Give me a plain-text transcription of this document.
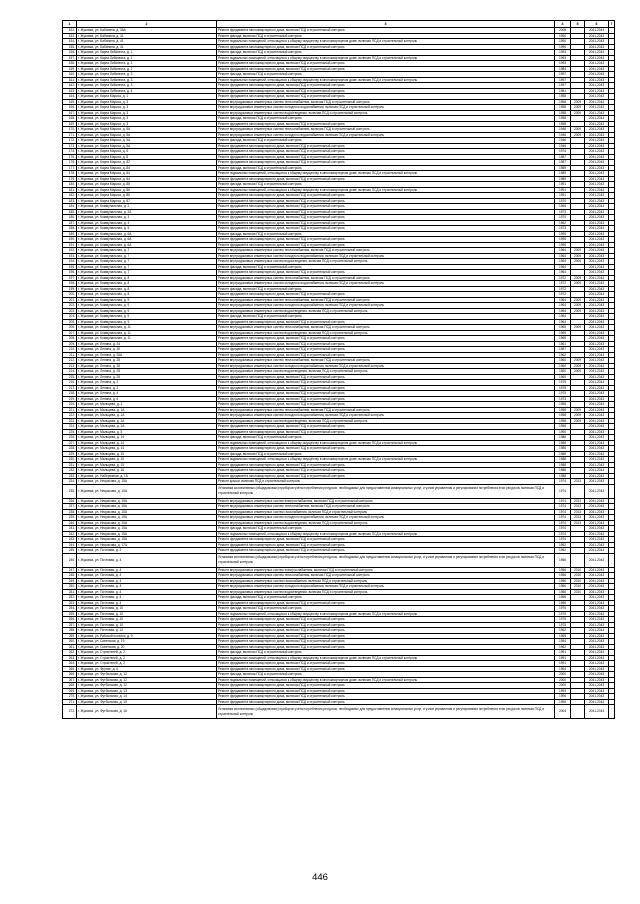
1	2	3	4	5	6	7
152.	г. Жуковка, ул. Бабинина, д. 38А	Ремонт фундамента многоквартирного дома, включая ПСД и строительный контроль	2008		2041-2043	
153.	г. Жуковка, ул. Бабинина, д. 41	Ремонт фасада, включая ПСД и строительный контроль	1990		2041-2043	
154.	г. Жуковка, ул. Бабинина, д. 41	Ремонт подвальных помещений, относящихся к общему имуществу в многоквартирном доме, включая ПСД и строительный контроль	1990		2041-2043	
155.	г. Жуковка, ул. Бабинина, д. 41	Ремонт фундамента многоквартирного дома, включая ПСД и строительный контроль	1990		2041-2043	
156.	г. Жуковка, ул. Карла Либкнехта, д. 1	Ремонт фасада, включая ПСД и строительный контроль	1993		2041-2043	
157.	г. Жуковка, ул. Карла Либкнехта, д. 1	Ремонт подвальных помещений, относящихся к общему имуществу в многоквартирном доме, включая ПСД и строительный контроль	1993		2041-2043	
158.	г. Жуковка, ул. Карла Либкнехта, д. 1	Ремонт фундамента многоквартирного дома, включая ПСД и строительный контроль	1993		2041-2043	
159.	г. Жуковка, ул. Карла Либкнехта, д. 2	Ремонт фундамента многоквартирного дома, включая ПСД и строительный контроль	1984		2041-2043	
160.	г. Жуковка, ул. Карла Либкнехта, д. 3	Ремонт фасада, включая ПСД и строительный контроль	1997		2041-2043	
161.	г. Жуковка, ул. Карла Либкнехта, д. 3	Ремонт подвальных помещений, относящихся к общему имуществу в многоквартирном доме, включая ПСД и строительный контроль	1997		2041-2043	
162.	г. Жуковка, ул. Карла Либкнехта, д. 3	Ремонт фундамента многоквартирного дома, включая ПСД и строительный контроль	1997		2041-2043	
163.	г. Жуковка, ул. Карла Либкнехта, д. 4	Ремонт фундамента многоквартирного дома, включая ПСД и строительный контроль	1981		2041-2043	
164.	г. Жуковка, ул. Карла Маркса, д. 1	Ремонт фундамента многоквартирного дома, включая ПСД и строительный контроль	1958		2041-2043	
165.	г. Жуковка, ул. Карла Маркса, д. 3	Ремонт внутридомовых инженерных систем теплоснабжения, включая ПСД и строительный контроль	1958	2009	2041-2043	
166.	г. Жуковка, ул. Карла Маркса, д. 3	Ремонт внутридомовых инженерных систем холодного водоснабжения, включая ПСД и строительный контроль	1958	2009	2041-2043	
167.	г. Жуковка, ул. Карла Маркса, д. 3	Ремонт внутридомовых инженерных систем водоотведения, включая ПСД и строительный контроль	1958	2009	2041-2043	
168.	г. Жуковка, ул. Карла Маркса, д. 3	Ремонт фасада, включая ПСД и строительный контроль	1958		2041-2043	
169.	г. Жуковка, ул. Карла Маркса, д. 3	Ремонт фундамента многоквартирного дома, включая ПСД и строительный контроль	1958		2041-2043	
170.	г. Жуковка, ул. Карла Маркса, д. 5А	Ремонт внутридомовых инженерных систем теплоснабжения, включая ПСД и строительный контроль	1946	2009	2041-2043	
171.	г. Жуковка, ул. Карла Маркса, д. 5А	Ремонт внутридомовых инженерных систем холодного водоснабжения, включая ПСД и строительный контроль	1946	2009	2041-2043	
172.	г. Жуковка, ул. Карла Маркса, д. 5А	Ремонт фасада, включая ПСД и строительный контроль	1946		2041-2043	
173.	г. Жуковка, ул. Карла Маркса, д. 5А	Ремонт фундамента многоквартирного дома, включая ПСД и строительный контроль	1946		2041-2043	
174.	г. Жуковка, ул. Карла Маркса, д. 6	Ремонт фундамента многоквартирного дома, включая ПСД и строительный контроль	1974		2041-2043	
175.	г. Жуковка, ул. Карла Маркса, д. 8	Ремонт фундамента многоквартирного дома, включая ПСД и строительный контроль	1987		2041-2043	
176.	г. Жуковка, ул. Карла Маркса, д. 82	Ремонт фундамента многоквартирного дома, включая ПСД и строительный контроль	1987		2041-2043	
177.	г. Жуковка, ул. Карла Маркса, д. 84	Ремонт фасада, включая ПСД и строительный контроль	1989		2041-2043	
178.	г. Жуковка, ул. Карла Маркса, д. 84	Ремонт подвальных помещений, относящихся к общему имуществу в многоквартирном доме, включая ПСД и строительный контроль	1989		2041-2043	
179.	г. Жуковка, ул. Карла Маркса, д. 84	Ремонт фундамента многоквартирного дома, включая ПСД и строительный контроль	1989		2041-2043	
180.	г. Жуковка, ул. Карла Маркса, д. 86	Ремонт фасада, включая ПСД и строительный контроль	1991		2041-2043	
181.	г. Жуковка, ул. Карла Маркса, д. 86	Ремонт подвальных помещений, относящихся к общему имуществу в многоквартирном доме, включая ПСД и строительный контроль	1991		2041-2043	
182.	г. Жуковка, ул. Карла Маркса, д. 86	Ремонт фундамента многоквартирного дома, включая ПСД и строительный контроль	1991		2041-2043	
183.	г. Жуковка, ул. Карла Маркса, д. 87	Ремонт фундамента многоквартирного дома, включая ПСД и строительный контроль	1970		2041-2043	
184.	г. Жуковка, ул. Коммунальная, д. 2	Ремонт фундамента многоквартирного дома, включая ПСД и строительный контроль	1965		2041-2043	
185.	г. Жуковка, ул. Коммунальная, д. 2А	Ремонт фундамента многоквартирного дома, включая ПСД и строительный контроль	1973		2041-2043	
186.	г. Жуковка, ул. Коммунальная, д. 3	Ремонт фундамента многоквартирного дома, включая ПСД и строительный контроль	1970		2041-2043	
187.	г. Жуковка, ул. Коммунальная, д. 4	Ремонт фундамента многоквартирного дома, включая ПСД и строительный контроль	1962		2041-2043	
188.	г. Жуковка, ул. Коммунальная, д. 5	Ремонт фундамента многоквартирного дома, включая ПСД и строительный контроль	1973		2041-2043	
189.	г. Жуковка, ул. Коммунальная, д. 6А	Ремонт фасада, включая ПСД и строительный контроль	1995		2041-2043	
190.	г. Жуковка, ул. Коммунальная, д. 6А	Ремонт фундамента многоквартирного дома, включая ПСД и строительный контроль	1995		2041-2043	
191.	г. Жуковка, ул. Коммунальная, д. 6А	Ремонт фундамента многоквартирного дома, включая ПСД и строительный контроль	1995		2041-2043	
192.	г. Жуковка, ул. Коммунальная, д. 7	Ремонт внутридомовых инженерных систем теплоснабжения, включая ПСД и строительный контроль	1964	2009	2041-2043	
193.	г. Жуковка, ул. Коммунальная, д. 7	Ремонт внутридомовых инженерных систем холодного водоснабжения, включая ПСД и строительный контроль	1964	2009	2041-2043	
194.	г. Жуковка, ул. Коммунальная, д. 7	Ремонт внутридомовых инженерных систем водоотведения, включая ПСД и строительный контроль	1964	2009	2041-2043	
195.	г. Жуковка, ул. Коммунальная, д. 7	Ремонт фасада, включая ПСД и строительный контроль	1964		2041-2043	
196.	г. Жуковка, ул. Коммунальная, д. 7	Ремонт фундамента многоквартирного дома, включая ПСД и строительный контроль	1964		2041-2043	
197.	г. Жуковка, ул. Коммунальная, д. 8	Ремонт внутридомовых инженерных систем теплоснабжения, включая ПСД и строительный контроль	1972	2009	2041-2043	
198.	г. Жуковка, ул. Коммунальная, д. 8	Ремонт внутридомовых инженерных систем холодного водоснабжения, включая ПСД и строительный контроль	1972	2009	2041-2043	
199.	г. Жуковка, ул. Коммунальная, д. 8	Ремонт фасада, включая ПСД и строительный контроль	1972		2041-2043	
200.	г. Жуковка, ул. Коммунальная, д. 8	Ремонт фундамента многоквартирного дома, включая ПСД и строительный контроль	1972		2041-2043	
201.	г. Жуковка, ул. Коммунальная, д. 9	Ремонт внутридомовых инженерных систем теплоснабжения, включая ПСД и строительный контроль	1964	2009	2041-2043	
202.	г. Жуковка, ул. Коммунальная, д. 9	Ремонт внутридомовых инженерных систем холодного водоснабжения, включая ПСД и строительный контроль	1964	2009	2041-2043	
203.	г. Жуковка, ул. Коммунальная, д. 9	Ремонт внутридомовых инженерных систем водоотведения, включая ПСД и строительный контроль	1964	2009	2041-2043	
204.	г. Жуковка, ул. Коммунальная, д. 9	Ремонт фасада, включая ПСД и строительный контроль	1964		2041-2043	
205.	г. Жуковка, ул. Коммунальная, д. 9	Ремонт фундамента многоквартирного дома, включая ПСД и строительный контроль	1964		2041-2043	
206.	г. Жуковка, ул. Коммунальная, д. 11	Ремонт внутридомовых инженерных систем теплоснабжения, включая ПСД и строительный контроль	1965	2009	2041-2043	
207.	г. Жуковка, ул. Коммунальная, д. 11	Ремонт внутридомовых инженерных систем водоотведения, включая ПСД и строительный контроль	1965		2041-2043	
208.	г. Жуковка, ул. Коммунальная, д. 11	Ремонт фундамента многоквартирного дома, включая ПСД и строительный контроль	1965		2041-2043	
209.	г. Жуковка, ул. Ленина, д. 24	Ремонт фундамента многоквартирного дома, включая ПСД и строительный контроль	1961		2041-2043	
210.	г. Жуковка, ул. Ленина, д. 26	Ремонт фундамента многоквартирного дома, включая ПСД и строительный контроль	1957		2041-2043	
211.	г. Жуковка, ул. Ленина, д. 26А	Ремонт фундамента многоквартирного дома, включая ПСД и строительный контроль	1962		2041-2043	
212.	г. Жуковка, ул. Ленина, д. 28	Ремонт внутридомовых инженерных систем теплоснабжения, включая ПСД и строительный контроль	1960	2009	2041-2043	
213.	г. Жуковка, ул. Ленина, д. 28	Ремонт внутридомовых инженерных систем холодного водоснабжения, включая ПСД и строительный контроль	1960	2009	2041-2043	
214.	г. Жуковка, ул. Ленина, д. 28	Ремонт внутридомовых инженерных систем водоотведения, включая ПСД и строительный контроль	1960	2009	2041-2043	
215.	г. Жуковка, ул. Ленина, д. 28	Ремонт фундамента многоквартирного дома, включая ПСД и строительный контроль	1960		2041-2043	
216.	г. Жуковка, ул. Ленина, д. 2	Ремонт фундамента многоквартирного дома, включая ПСД и строительный контроль	1975		2041-2043	
217.	г. Жуковка, ул. Ленина, д. 2	Ремонт фундамента многоквартирного дома, включая ПСД и строительный контроль	1975		2041-2043	
218.	г. Жуковка, ул. Ленина, д. 4	Ремонт фундамента многоквартирного дома, включая ПСД и строительный контроль	1975		2041-2043	
219.	г. Жуковка, ул. Ленина, д. 6	Ремонт фундамента многоквартирного дома, включая ПСД и строительный контроль	1973		2041-2043	
220.	г. Жуковка, ул. Мальцева, д. 1	Ремонт фундамента многоквартирного дома, включая ПСД и строительный контроль	1958		2041-2043	
221.	г. Жуковка, ул. Мальцева, д. 1А	Ремонт внутридомовых инженерных систем теплоснабжения, включая ПСД и строительный контроль	1958	2009	2041-2043	
222.	г. Жуковка, ул. Мальцева, д. 1А	Ремонт внутридомовых инженерных систем холодного водоснабжения, включая ПСД и строительный контроль	1958	2009	2041-2043	
223.	г. Жуковка, ул. Мальцева, д. 1А	Ремонт внутридомовых инженерных систем водоотведения, включая ПСД и строительный контроль	1958	2009	2041-2043	
224.	г. Жуковка, ул. Мальцева, д. 1А	Ремонт фундамента многоквартирного дома, включая ПСД и строительный контроль	1958		2041-2043	
225.	г. Жуковка, ул. Мальцева, д. 5	Ремонт фундамента многоквартирного дома, включая ПСД и строительный контроль	1990		2041-2043	
226.	г. Жуковка, ул. Мальцева, д. 14	Ремонт фасада, включая ПСД и строительный контроль	1986		2041-2043	
227.	г. Жуковка, ул. Мальцева, д. 14	Ремонт подвальных помещений, относящихся к общему имуществу в многоквартирном доме, включая ПСД и строительный контроль	1986		2041-2043	
228.	г. Жуковка, ул. Мальцева, д. 14	Ремонт фундамента многоквартирного дома, включая ПСД и строительный контроль	1986		2041-2043	
229.	г. Жуковка, ул. Мальцева, д. 15	Ремонт фасада, включая ПСД и строительный контроль	1988		2041-2043	
230.	г. Жуковка, ул. Мальцева, д. 15	Ремонт подвальных помещений, относящихся к общему имуществу в многоквартирном доме, включая ПСД и строительный контроль	1988		2041-2043	
231.	г. Жуковка, ул. Мальцева, д. 15	Ремонт фундамента многоквартирного дома, включая ПСД и строительный контроль	1988		2041-2043	
232.	г. Жуковка, ул. Мальцева, д. 16	Ремонт фундамента многоквартирного дома, включая ПСД и строительный контроль	1986		2041-2043	
233.	г. Жуковка, ул. Набережная, д. 15	Ремонт фундамента многоквартирного дома, включая ПСД и строительный контроль	1988		2041-2043	
234.	г. Жуковка, ул. Некрасова, д. 15А	Ремонт крыши, включая ПСД и строительный контроль	1974	2013	2041-2043	
235.	г. Жуковка, ул. Некрасова, д. 15А	Установка коллективных (общедомовых) приборов учета потребления ресурсов, необходимых для предоставления коммунальных услуг, и узлов управления и регулирования потребления этих ресурсов, включая ПСД и строительный контроль	1974		2041-2043	
236.	г. Жуковка, ул. Некрасова, д. 15А	Ремонт внутридомовых инженерных систем электроснабжения, включая ПСД и строительный контроль	1974	2013	2041-2043	
237.	г. Жуковка, ул. Некрасова, д. 15А	Ремонт внутридомовых инженерных систем теплоснабжения, включая ПСД и строительный контроль	1974	2013	2041-2043	
238.	г. Жуковка, ул. Некрасова, д. 15А	Ремонт внутридомовых инженерных систем газоснабжения, включая ПСД и строительный контроль	1974	2013	2041-2043	
239.	г. Жуковка, ул. Некрасова, д. 15А	Ремонт внутридомовых инженерных систем холодного водоснабжения, включая ПСД и строительный контроль	1974	2013	2041-2043	
240.	г. Жуковка, ул. Некрасова, д. 15А	Ремонт внутридомовых инженерных систем водоотведения, включая ПСД и строительный контроль	1974	2013	2041-2043	
241.	г. Жуковка, ул. Некрасова, д. 15А	Ремонт фасада, включая ПСД и строительный контроль	1974		2041-2043	
242.	г. Жуковка, ул. Некрасова, д. 15А	Ремонт подвальных помещений, относящихся к общему имуществу в многоквартирном доме, включая ПСД и строительный контроль	1974		2041-2043	
243.	г. Жуковка, ул. Некрасова, д. 15А	Ремонт фундамента многоквартирного дома, включая ПСД и строительный контроль	1974		2041-2043	
244.	г. Жуковка, ул. Некрасова, д. 17А	Ремонт фундамента многоквартирного дома, включая ПСД и строительный контроль	1962		2041-2043	
245.	г. Жуковка, ул. Почтовая, д. 2	Ремонт фундамента многоквартирного дома, включая ПСД и строительный контроль	1962		2041-2043	
246.	г. Жуковка, ул. Почтовая, д. 4	Установка коллективных (общедомовых) приборов учета потребления ресурсов, необходимых для предоставления коммунальных услуг, и узлов управления и регулирования потребления этих ресурсов, включая ПСД и строительный контроль	1956		2041-2043	
247.	г. Жуковка, ул. Почтовая, д. 4	Ремонт внутридомовых инженерных систем электроснабжения, включая ПСД и строительный контроль	1956	2010	2041-2043	
248.	г. Жуковка, ул. Почтовая, д. 4	Ремонт внутридомовых инженерных систем теплоснабжения, включая ПСД и строительный контроль	1956	2010	2041-2043	
249.	г. Жуковка, ул. Почтовая, д. 4	Ремонт внутридомовых инженерных систем газоснабжения, включая ПСД и строительный контроль	1956	2010	2041-2043	
250.	г. Жуковка, ул. Почтовая, д. 4	Ремонт внутридомовых инженерных систем холодного водоснабжения, включая ПСД и строительный контроль	1956	2010	2041-2043	
251.	г. Жуковка, ул. Почтовая, д. 4	Ремонт внутридомовых инженерных систем водоотведения, включая ПСД и строительный контроль	1956	2010	2041-2043	
252.	г. Жуковка, ул. Почтовая, д. 4	Ремонт фасада, включая ПСД и строительный контроль	1956		2041-2043	
253.	г. Жуковка, ул. Почтовая, д. 4	Ремонт фундамента многоквартирного дома, включая ПСД и строительный контроль	1956		2041-2043	
254.	г. Жуковка, ул. Почтовая, д. 10	Ремонт фасада, включая ПСД и строительный контроль	1975		2041-2043	
255.	г. Жуковка, ул. Почтовая, д. 10	Ремонт подвальных помещений, относящихся к общему имуществу в многоквартирном доме, включая ПСД и строительный контроль	1975		2041-2043	
256.	г. Жуковка, ул. Почтовая, д. 10	Ремонт фундамента многоквартирного дома, включая ПСД и строительный контроль	1975		2041-2043	
257.	г. Жуковка, ул. Почтовая, д. 10	Ремонт фундамента многоквартирного дома, включая ПСД и строительный контроль	1975		2041-2043	
258.	г. Жуковка, ул. Почтовая, д. 12	Ремонт фундамента многоквартирного дома, включая ПСД и строительный контроль	1962		2041-2043	
259.	г. Жуковка, ул. Рабочий поселок, д. 9	Ремонт фундамента многоквартирного дома, включая ПСД и строительный контроль	1965		2041-2043	
260.	г. Жуковка, ул. Советская, д. 19	Ремонт фундамента многоквартирного дома, включая ПСД и строительный контроль	1954		2041-2043	
261.	г. Жуковка, ул. Советская, д. 20	Ремонт фундамента многоквартирного дома, включая ПСД и строительный контроль	1962		2041-2043	
262.	г. Жуковка, ул. Строителей, д. 2	Ремонт фасада, включая ПСД и строительный контроль	1991		2041-2043	
263.	г. Жуковка, ул. Строителей, д. 2	Ремонт подвальных помещений, относящихся к общему имуществу в многоквартирном доме, включая ПСД и строительный контроль	1991		2041-2043	
264.	г. Жуковка, ул. Строителей, д. 2	Ремонт фундамента многоквартирного дома, включая ПСД и строительный контроль	1991		2041-2043	
265.	г. Жуковка, ул. Фрунзе, д. 6	Ремонт фундамента многоквартирного дома, включая ПСД и строительный контроль	1964		2041-2043	
266.	г. Жуковка, ул. Футбольная, д. 12	Ремонт фасада, включая ПСД и строительный контроль	2000		2041-2043	
267.	г. Жуковка, ул. Футбольная, д. 12	Ремонт подвальных помещений, относящихся к общему имуществу в многоквартирном доме, включая ПСД и строительный контроль	2000		2041-2043	
268.	г. Жуковка, ул. Футбольная, д. 12	Ремонт фундамента многоквартирного дома, включая ПСД и строительный контроль	2000		2041-2043	
269.	г. Жуковка, ул. Футбольная, д. 13	Ремонт фундамента многоквартирного дома, включая ПСД и строительный контроль	1993		2041-2043	
270.	г. Жуковка, ул. Футбольная, д. 14	Ремонт фундамента многоквартирного дома, включая ПСД и строительный контроль	1996		2041-2043	
271.	г. Жуковка, ул. Футбольная, д. 15	Ремонт фундамента многоквартирного дома, включая ПСД и строительный контроль	1995		2041-2043	
272.	г. Жуковка, ул. Футбольная, д. 16	Установка коллективных (общедомовых) приборов учета потребления ресурсов, необходимых для предоставления коммунальных услуг, и узлов управления и регулирования потребления этих ресурсов, включая ПСД и строительный контроль	2004		2041-2043	
446
